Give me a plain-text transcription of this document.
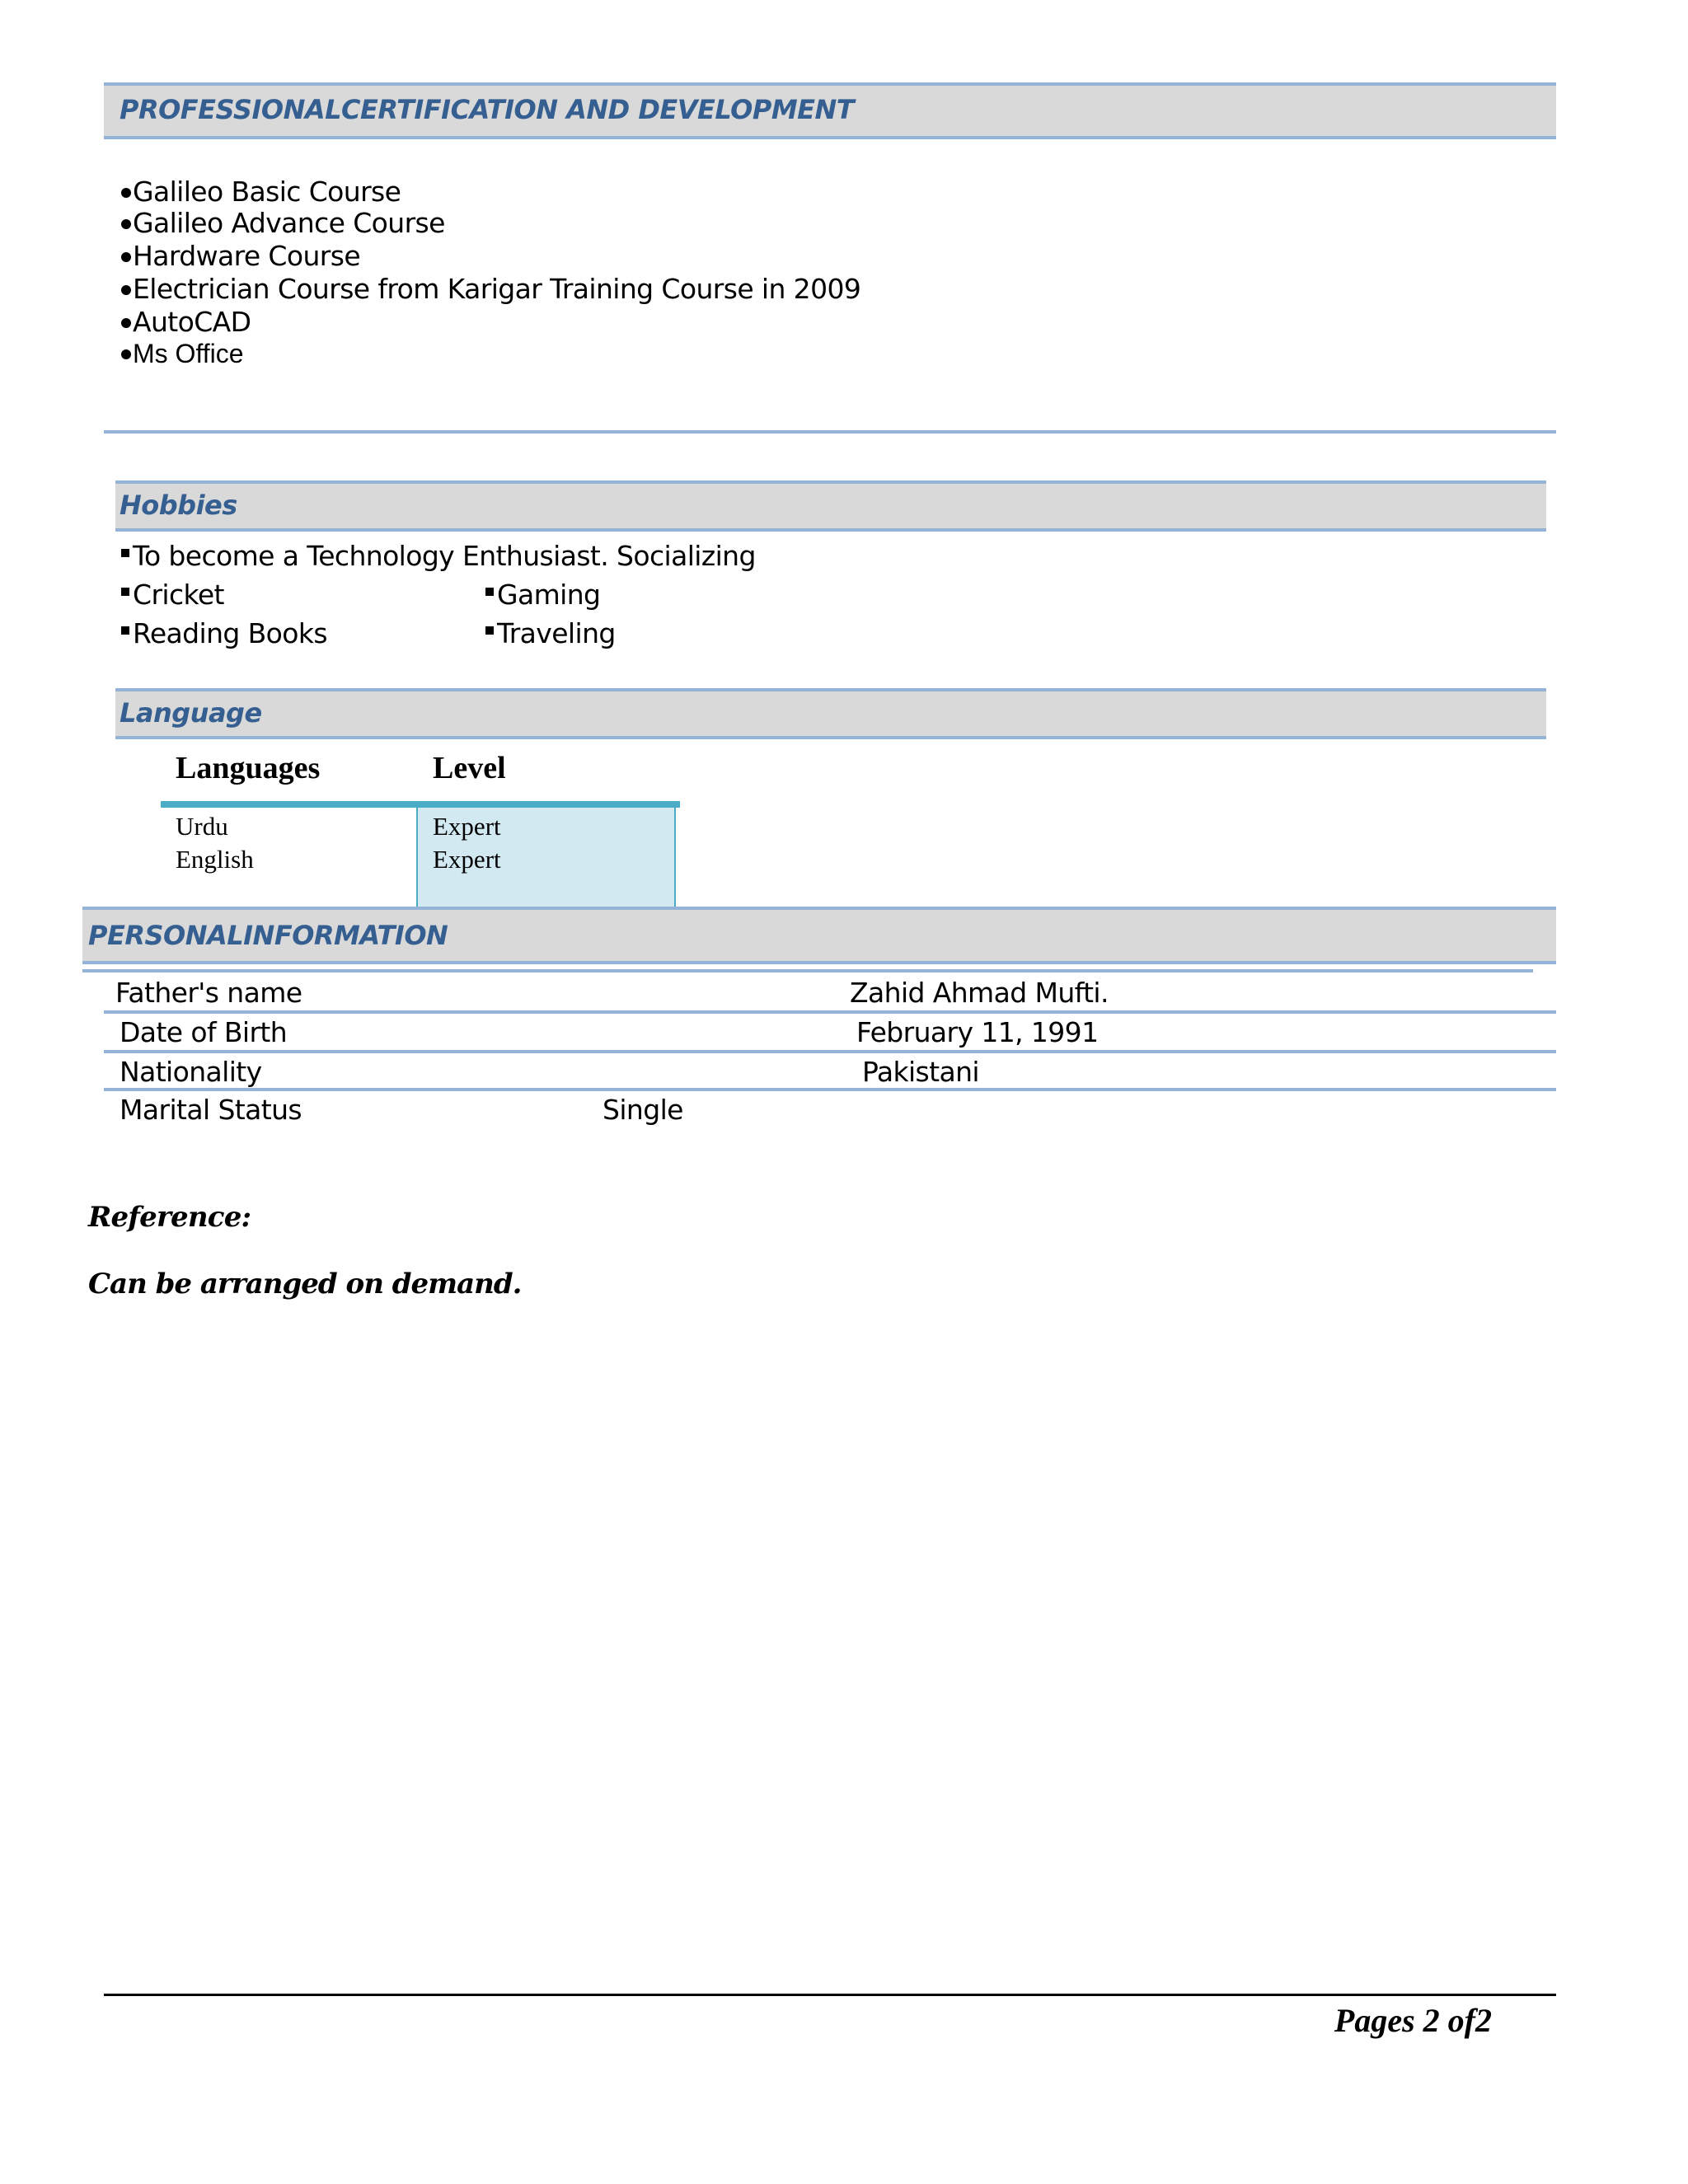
PROFESSIONALCERTIFICATION AND DEVELOPMENT
Galileo Basic Course
Galileo Advance Course
Hardware Course
Electrician Course from Karigar Training Course in 2009
AutoCAD
Ms Office
Hobbies
To become a Technology Enthusiast. Socializing
Cricket	Gaming
Reading Books	Traveling
Language
Languages	Level
Urdu	Expert
English	Expert
PERSONALINFORMATION
Father's name	Zahid Ahmad Mufti.
Date of Birth	February 11, 1991
Nationality	Pakistani
Marital Status	Single
Reference:
Can be arranged on demand.
Pages 2 of2
